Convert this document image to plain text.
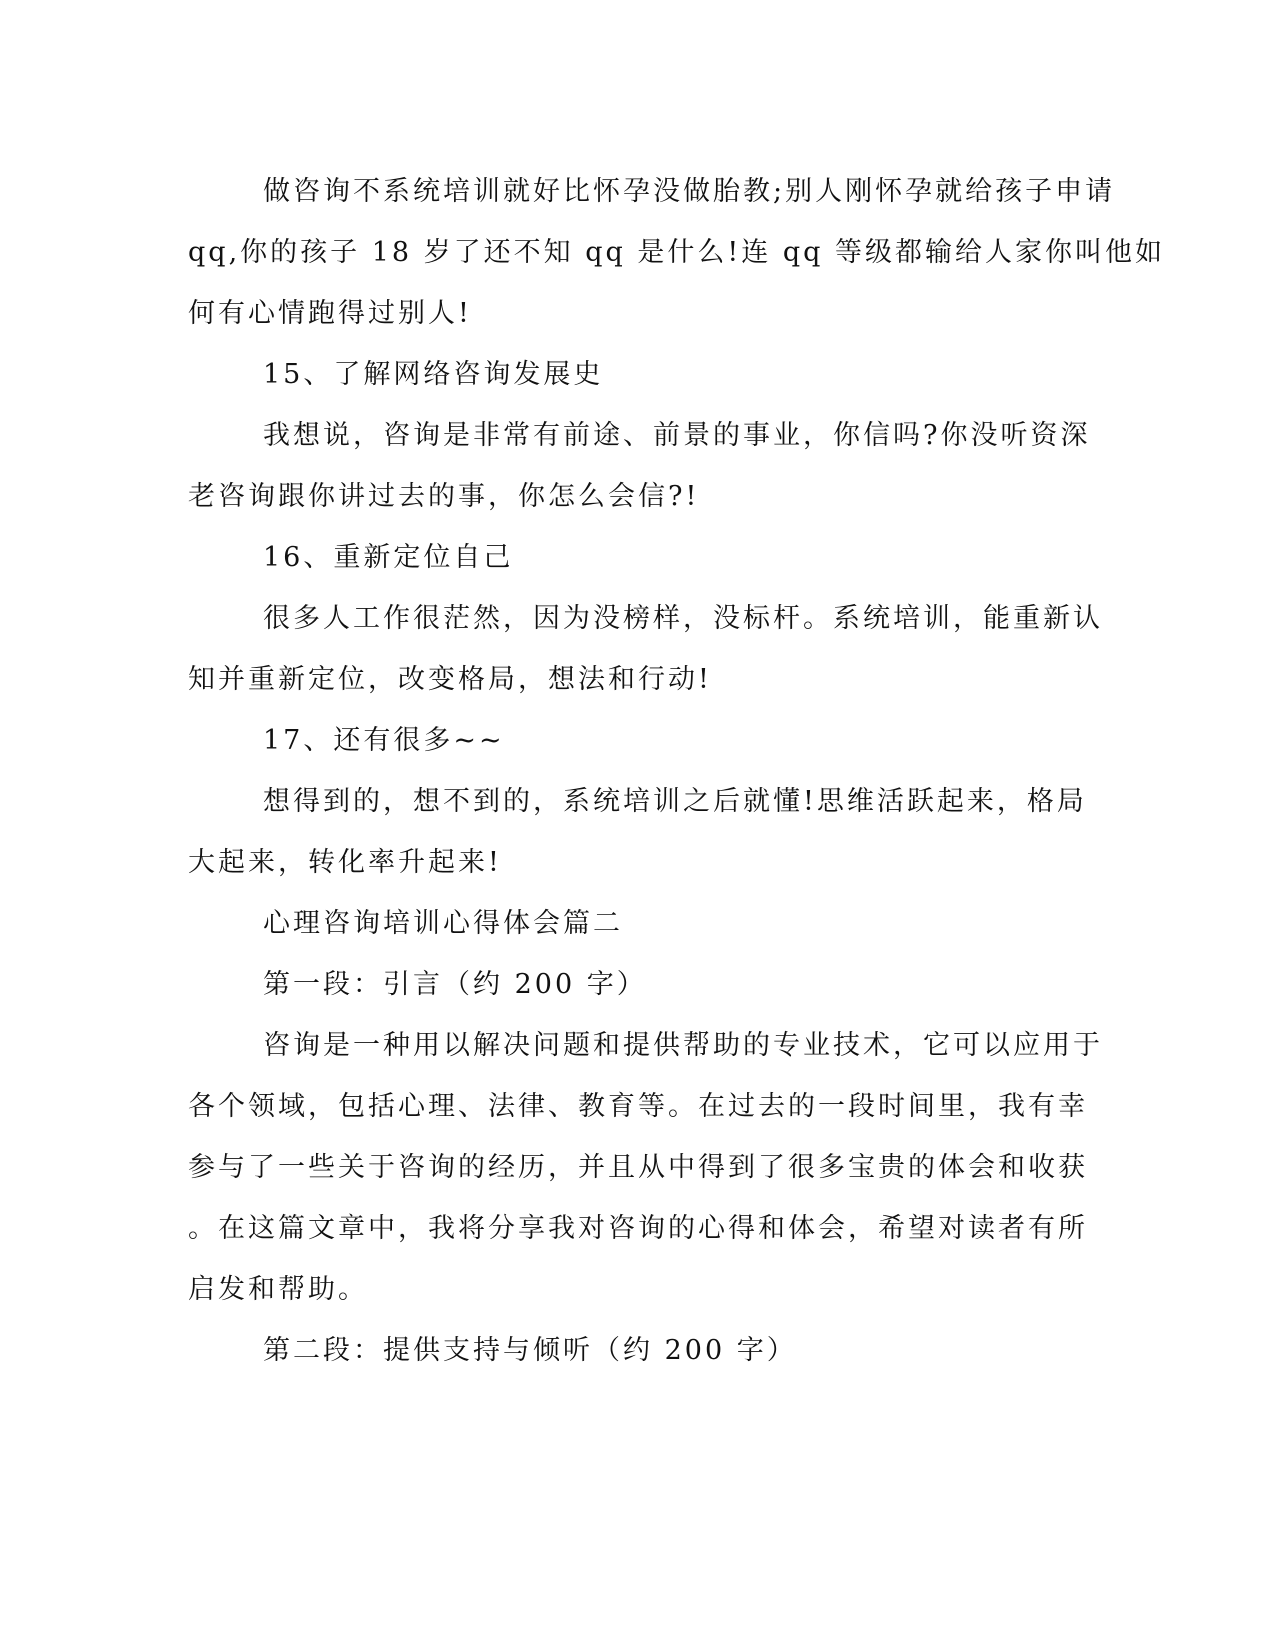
做咨询不系统培训就好比怀孕没做胎教;别人刚怀孕就给孩子申请
qq,你的孩子 18 岁了还不知 qq 是什么!连 qq 等级都输给人家你叫他如
何有心情跑得过别人!
15、了解网络咨询发展史
我想说，咨询是非常有前途、前景的事业，你信吗?你没听资深
老咨询跟你讲过去的事，你怎么会信?!
16、重新定位自己
很多人工作很茫然，因为没榜样，没标杆。系统培训，能重新认
知并重新定位，改变格局，想法和行动!
17、还有很多~~
想得到的，想不到的，系统培训之后就懂!思维活跃起来，格局
大起来，转化率升起来!
心理咨询培训心得体会篇二
第一段：引言（约 200 字）
咨询是一种用以解决问题和提供帮助的专业技术，它可以应用于
各个领域，包括心理、法律、教育等。在过去的一段时间里，我有幸
参与了一些关于咨询的经历，并且从中得到了很多宝贵的体会和收获
。在这篇文章中，我将分享我对咨询的心得和体会，希望对读者有所
启发和帮助。
第二段：提供支持与倾听（约 200 字）
